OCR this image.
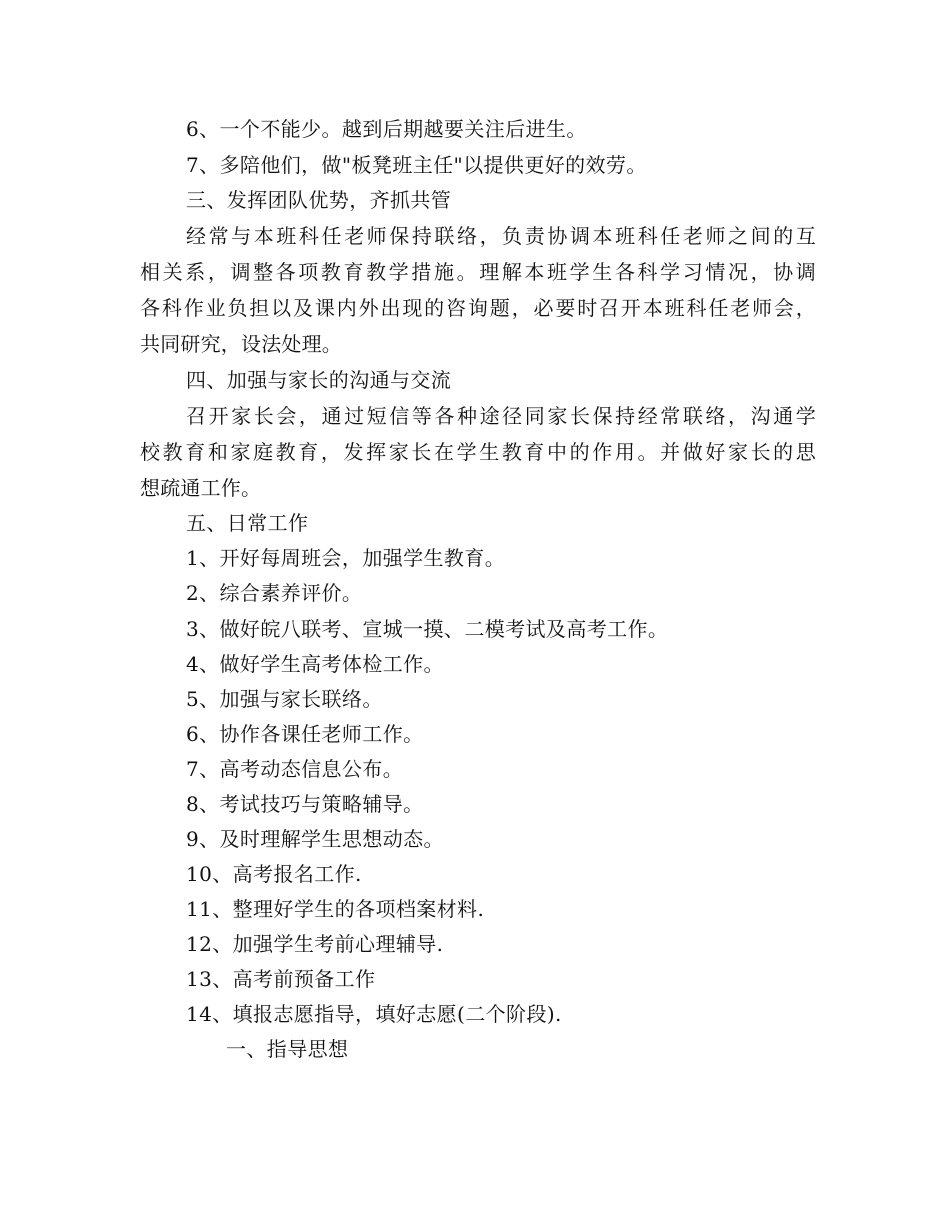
6、一个不能少。越到后期越要关注后进生。
7、多陪他们，做"板凳班主任"以提供更好的效劳。
三、发挥团队优势，齐抓共管
经常与本班科任老师保持联络，负责协调本班科任老师之间的互
相关系，调整各项教育教学措施。理解本班学生各科学习情况，协调
各科作业负担以及课内外出现的咨询题，必要时召开本班科任老师会，
共同研究，设法处理。
四、加强与家长的沟通与交流
召开家长会，通过短信等各种途径同家长保持经常联络，沟通学
校教育和家庭教育，发挥家长在学生教育中的作用。并做好家长的思
想疏通工作。
五、日常工作
1、开好每周班会，加强学生教育。
2、综合素养评价。
3、做好皖八联考、宣城一摸、二模考试及高考工作。
4、做好学生高考体检工作。
5、加强与家长联络。
6、协作各课任老师工作。
7、高考动态信息公布。
8、考试技巧与策略辅导。
9、及时理解学生思想动态。
10、高考报名工作.
11、整理好学生的各项档案材料.
12、加强学生考前心理辅导.
13、高考前预备工作
14、填报志愿指导，填好志愿(二个阶段).
一、指导思想
